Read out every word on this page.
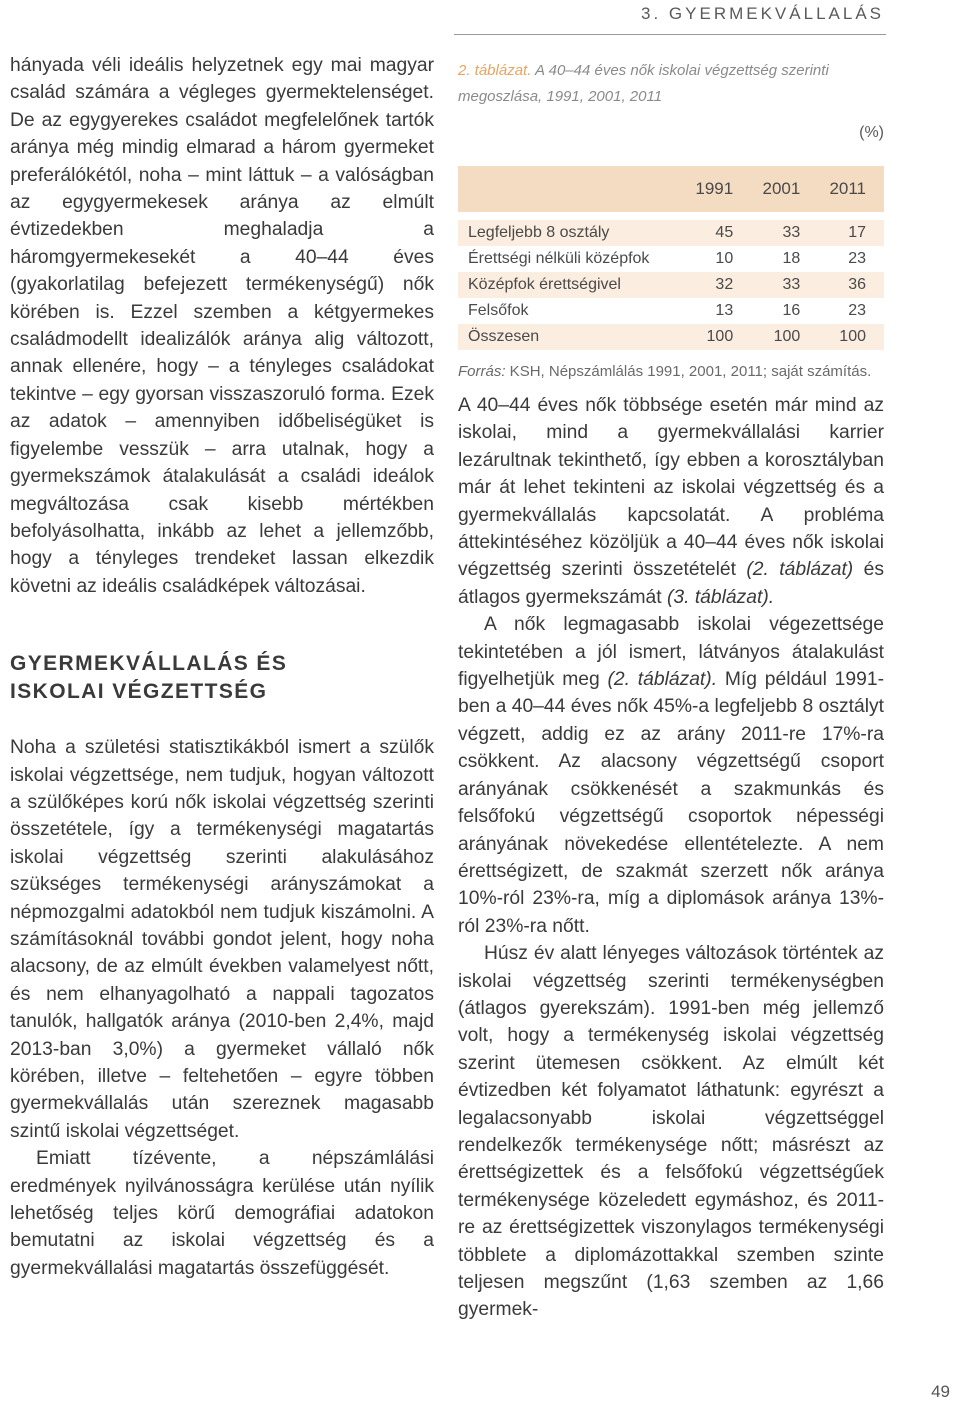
3. GYERMEKVÁLLALÁS

hányada véli ideális helyzetnek egy mai magyar család számára a végleges gyermektelenséget. De az egygyerekes családot megfelelőnek tartók aránya még mindig elmarad a három gyermeket preferálókétól, noha – mint láttuk – a valóságban az egygyermekesek aránya az elmúlt évtizedekben meghaladja a háromgyermekesekét a 40–44 éves (gyakorlatilag befejezett termékenységű) nők körében is. Ezzel szemben a kétgyermekes családmodellt idealizálók aránya alig változott, annak ellenére, hogy – a tényleges családokat tekintve – egy gyorsan visszaszoruló forma. Ezek az adatok – amennyiben időbeliségüket is figyelembe vesszük – arra utalnak, hogy a gyermekszámok átalakulását a családi ideálok megváltozása csak kisebb mértékben befolyásolhatta, inkább az lehet a jellemzőbb, hogy a tényleges trendeket lassan elkezdik követni az ideális családképek változásai.

GYERMEKVÁLLALÁS ÉS
ISKOLAI VÉGZETTSÉG

Noha a születési statisztikákból ismert a szülők iskolai végzettsége, nem tudjuk, hogyan változott a szülőképes korú nők iskolai végzettség szerinti összetétele, így a termékenységi magatartás iskolai végzettség szerinti alakulásához szükséges termékenységi arányszámokat a népmozgalmi adatokból nem tudjuk kiszámolni. A számításoknál további gondot jelent, hogy noha alacsony, de az elmúlt években valamelyest nőtt, és nem elhanyagolható a nappali tagozatos tanulók, hallgatók aránya (2010-ben 2,4%, majd 2013-ban 3,0%) a gyermeket vállaló nők körében, illetve – feltehetően – egyre többen gyermekvállalás után szereznek magasabb szintű iskolai végzettséget.

Emiatt tízévente, a népszámlálási eredmények nyilvánosságra kerülése után nyílik lehetőség teljes körű demográfiai adatokon bemutatni az iskolai végzettség és a gyermekvállalási magatartás összefüggését.

2. táblázat. A 40–44 éves nők iskolai végzettség szerinti megoszlása, 1991, 2001, 2011
(%)
	1991	2001	2011

Legfeljebb 8 osztály	45	33	17
Érettségi nélküli középfok	10	18	23
Középfok érettségivel	32	33	36
Felsőfok	13	16	23
Összesen	100	100	100
Forrás: KSH, Népszámlálás 1991, 2001, 2011; saját számítás.

A 40–44 éves nők többsége esetén már mind az iskolai, mind a gyermekvállalási karrier lezárultnak tekinthető, így ebben a korosztályban már át lehet tekinteni az iskolai végzettség és a gyermekvállalás kapcsolatát. A probléma áttekintéséhez közöljük a 40–44 éves nők iskolai végzettség szerinti összetételét (2. táblázat) és átlagos gyermekszámát (3. táblázat).

A nők legmagasabb iskolai végezettsége tekintetében a jól ismert, látványos átalakulást figyelhetjük meg (2. táblázat). Míg például 1991-ben a 40–44 éves nők 45%-a legfeljebb 8 osztályt végzett, addig ez az arány 2011-re 17%-ra csökkent. Az alacsony végzettségű csoport arányának csökkenését a szakmunkás és felsőfokú végzettségű csoportok népességi arányának növekedése ellentételezte. A nem érettségizett, de szakmát szerzett nők aránya 10%-ról 23%-ra, míg a diplomások aránya 13%-ról 23%-ra nőtt.

Húsz év alatt lényeges változások történtek az iskolai végzettség szerinti termékenységben (átlagos gyerekszám). 1991-ben még jellemző volt, hogy a termékenység iskolai végzettség szerint ütemesen csökkent. Az elmúlt két évtizedben két folyamatot láthatunk: egyrészt a legalacsonyabb iskolai végzettséggel rendelkezők termékenysége nőtt; másrészt az érettségizettek és a felsőfokú végzettségűek termékenysége közeledett egymáshoz, és 2011-re az érettségizettek viszonylagos termékenységi többlete a diplomázottakkal szemben szinte teljesen megszűnt (1,63 szemben az 1,66 gyermek-

49
